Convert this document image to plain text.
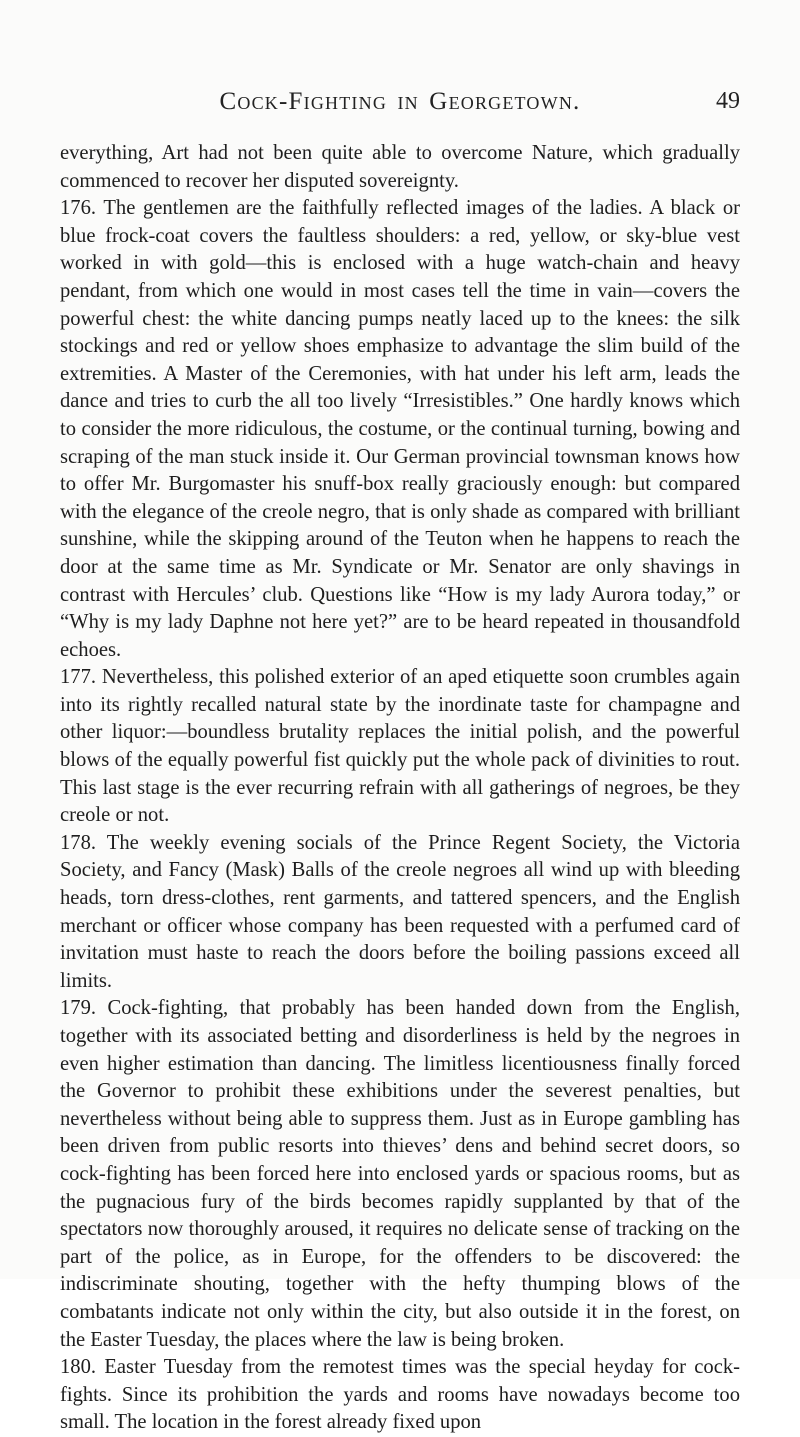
Cock-Fighting in Georgetown.	49

everything, Art had not been quite able to overcome Nature, which gradually commenced to recover her disputed sovereignty.

176. The gentlemen are the faithfully reflected images of the ladies. A black or blue frock-coat covers the faultless shoulders: a red, yellow, or sky-blue vest worked in with gold—this is enclosed with a huge watch-chain and heavy pendant, from which one would in most cases tell the time in vain—covers the powerful chest: the white dancing pumps neatly laced up to the knees: the silk stockings and red or yellow shoes emphasize to advantage the slim build of the extremities. A Master of the Ceremonies, with hat under his left arm, leads the dance and tries to curb the all too lively “Irresistibles.” One hardly knows which to consider the more ridiculous, the costume, or the continual turning, bowing and scraping of the man stuck inside it. Our German provincial townsman knows how to offer Mr. Burgomaster his snuff-box really graciously enough: but compared with the elegance of the creole negro, that is only shade as compared with brilliant sunshine, while the skipping around of the Teuton when he happens to reach the door at the same time as Mr. Syndicate or Mr. Senator are only shavings in contrast with Hercules’ club. Questions like “How is my lady Aurora today,” or “Why is my lady Daphne not here yet?” are to be heard repeated in thousandfold echoes.

177. Nevertheless, this polished exterior of an aped etiquette soon crumbles again into its rightly recalled natural state by the inordinate taste for champagne and other liquor:—boundless brutality replaces the initial polish, and the powerful blows of the equally powerful fist quickly put the whole pack of divinities to rout. This last stage is the ever recurring refrain with all gatherings of negroes, be they creole or not.

178. The weekly evening socials of the Prince Regent Society, the Victoria Society, and Fancy (Mask) Balls of the creole negroes all wind up with bleeding heads, torn dress-clothes, rent garments, and tattered spencers, and the English merchant or officer whose company has been requested with a perfumed card of invitation must haste to reach the doors before the boiling passions exceed all limits.

179. Cock-fighting, that probably has been handed down from the English, together with its associated betting and disorderliness is held by the negroes in even higher estimation than dancing. The limitless licentiousness finally forced the Governor to prohibit these exhibitions under the severest penalties, but nevertheless without being able to suppress them. Just as in Europe gambling has been driven from public resorts into thieves’ dens and behind secret doors, so cock-fighting has been forced here into enclosed yards or spacious rooms, but as the pugnacious fury of the birds becomes rapidly supplanted by that of the spectators now thoroughly aroused, it requires no delicate sense of tracking on the part of the police, as in Europe, for the offenders to be discovered: the indiscriminate shouting, together with the hefty thumping blows of the combatants indicate not only within the city, but also outside it in the forest, on the Easter Tuesday, the places where the law is being broken.

180. Easter Tuesday from the remotest times was the special heyday for cock-fights. Since its prohibition the yards and rooms have nowadays become too small. The location in the forest already fixed upon
